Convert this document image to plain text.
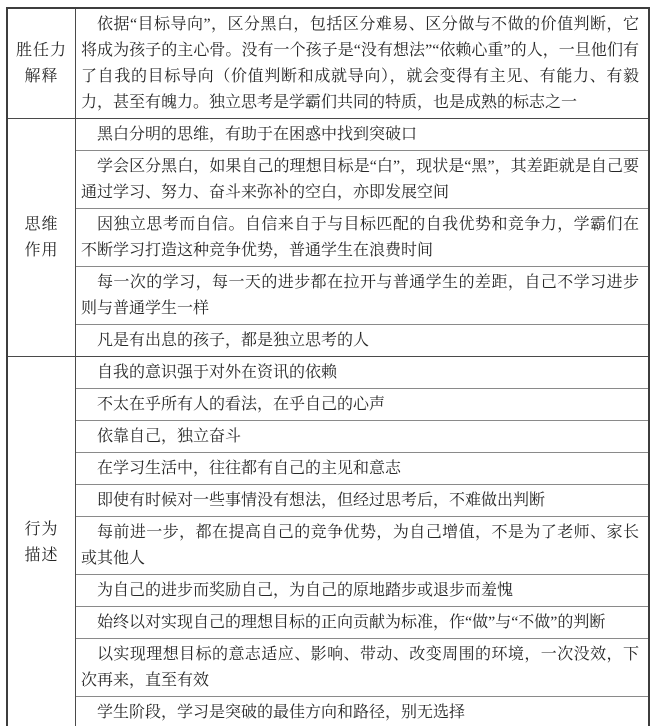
胜任力
解释

依据“目标导向”，区分黑白，包括区分难易、区分做与不做的价值判断，它将成为孩子的主心骨。没有一个孩子是“没有想法”“依赖心重”的人，一旦他们有了自我的目标导向（价值判断和成就导向），就会变得有主见、有能力、有毅力，甚至有魄力。独立思考是学霸们共同的特质，也是成熟的标志之一

思维
作用

黑白分明的思维，有助于在困惑中找到突破口

学会区分黑白，如果自己的理想目标是“白”，现状是“黑”，其差距就是自己要通过学习、努力、奋斗来弥补的空白，亦即发展空间

因独立思考而自信。自信来自于与目标匹配的自我优势和竞争力，学霸们在不断学习打造这种竞争优势，普通学生在浪费时间

每一次的学习，每一天的进步都在拉开与普通学生的差距，自己不学习进步则与普通学生一样

凡是有出息的孩子，都是独立思考的人

行为
描述

自我的意识强于对外在资讯的依赖

不太在乎所有人的看法，在乎自己的心声

依靠自己，独立奋斗

在学习生活中，往往都有自己的主见和意志

即使有时候对一些事情没有想法，但经过思考后，不难做出判断

每前进一步，都在提高自己的竞争优势，为自己增值，不是为了老师、家长或其他人

为自己的进步而奖励自己，为自己的原地踏步或退步而羞愧

始终以对实现自己的理想目标的正向贡献为标准，作“做”与“不做”的判断

以实现理想目标的意志适应、影响、带动、改变周围的环境，一次没效，下次再来，直至有效

学生阶段，学习是突破的最佳方向和路径，别无选择
